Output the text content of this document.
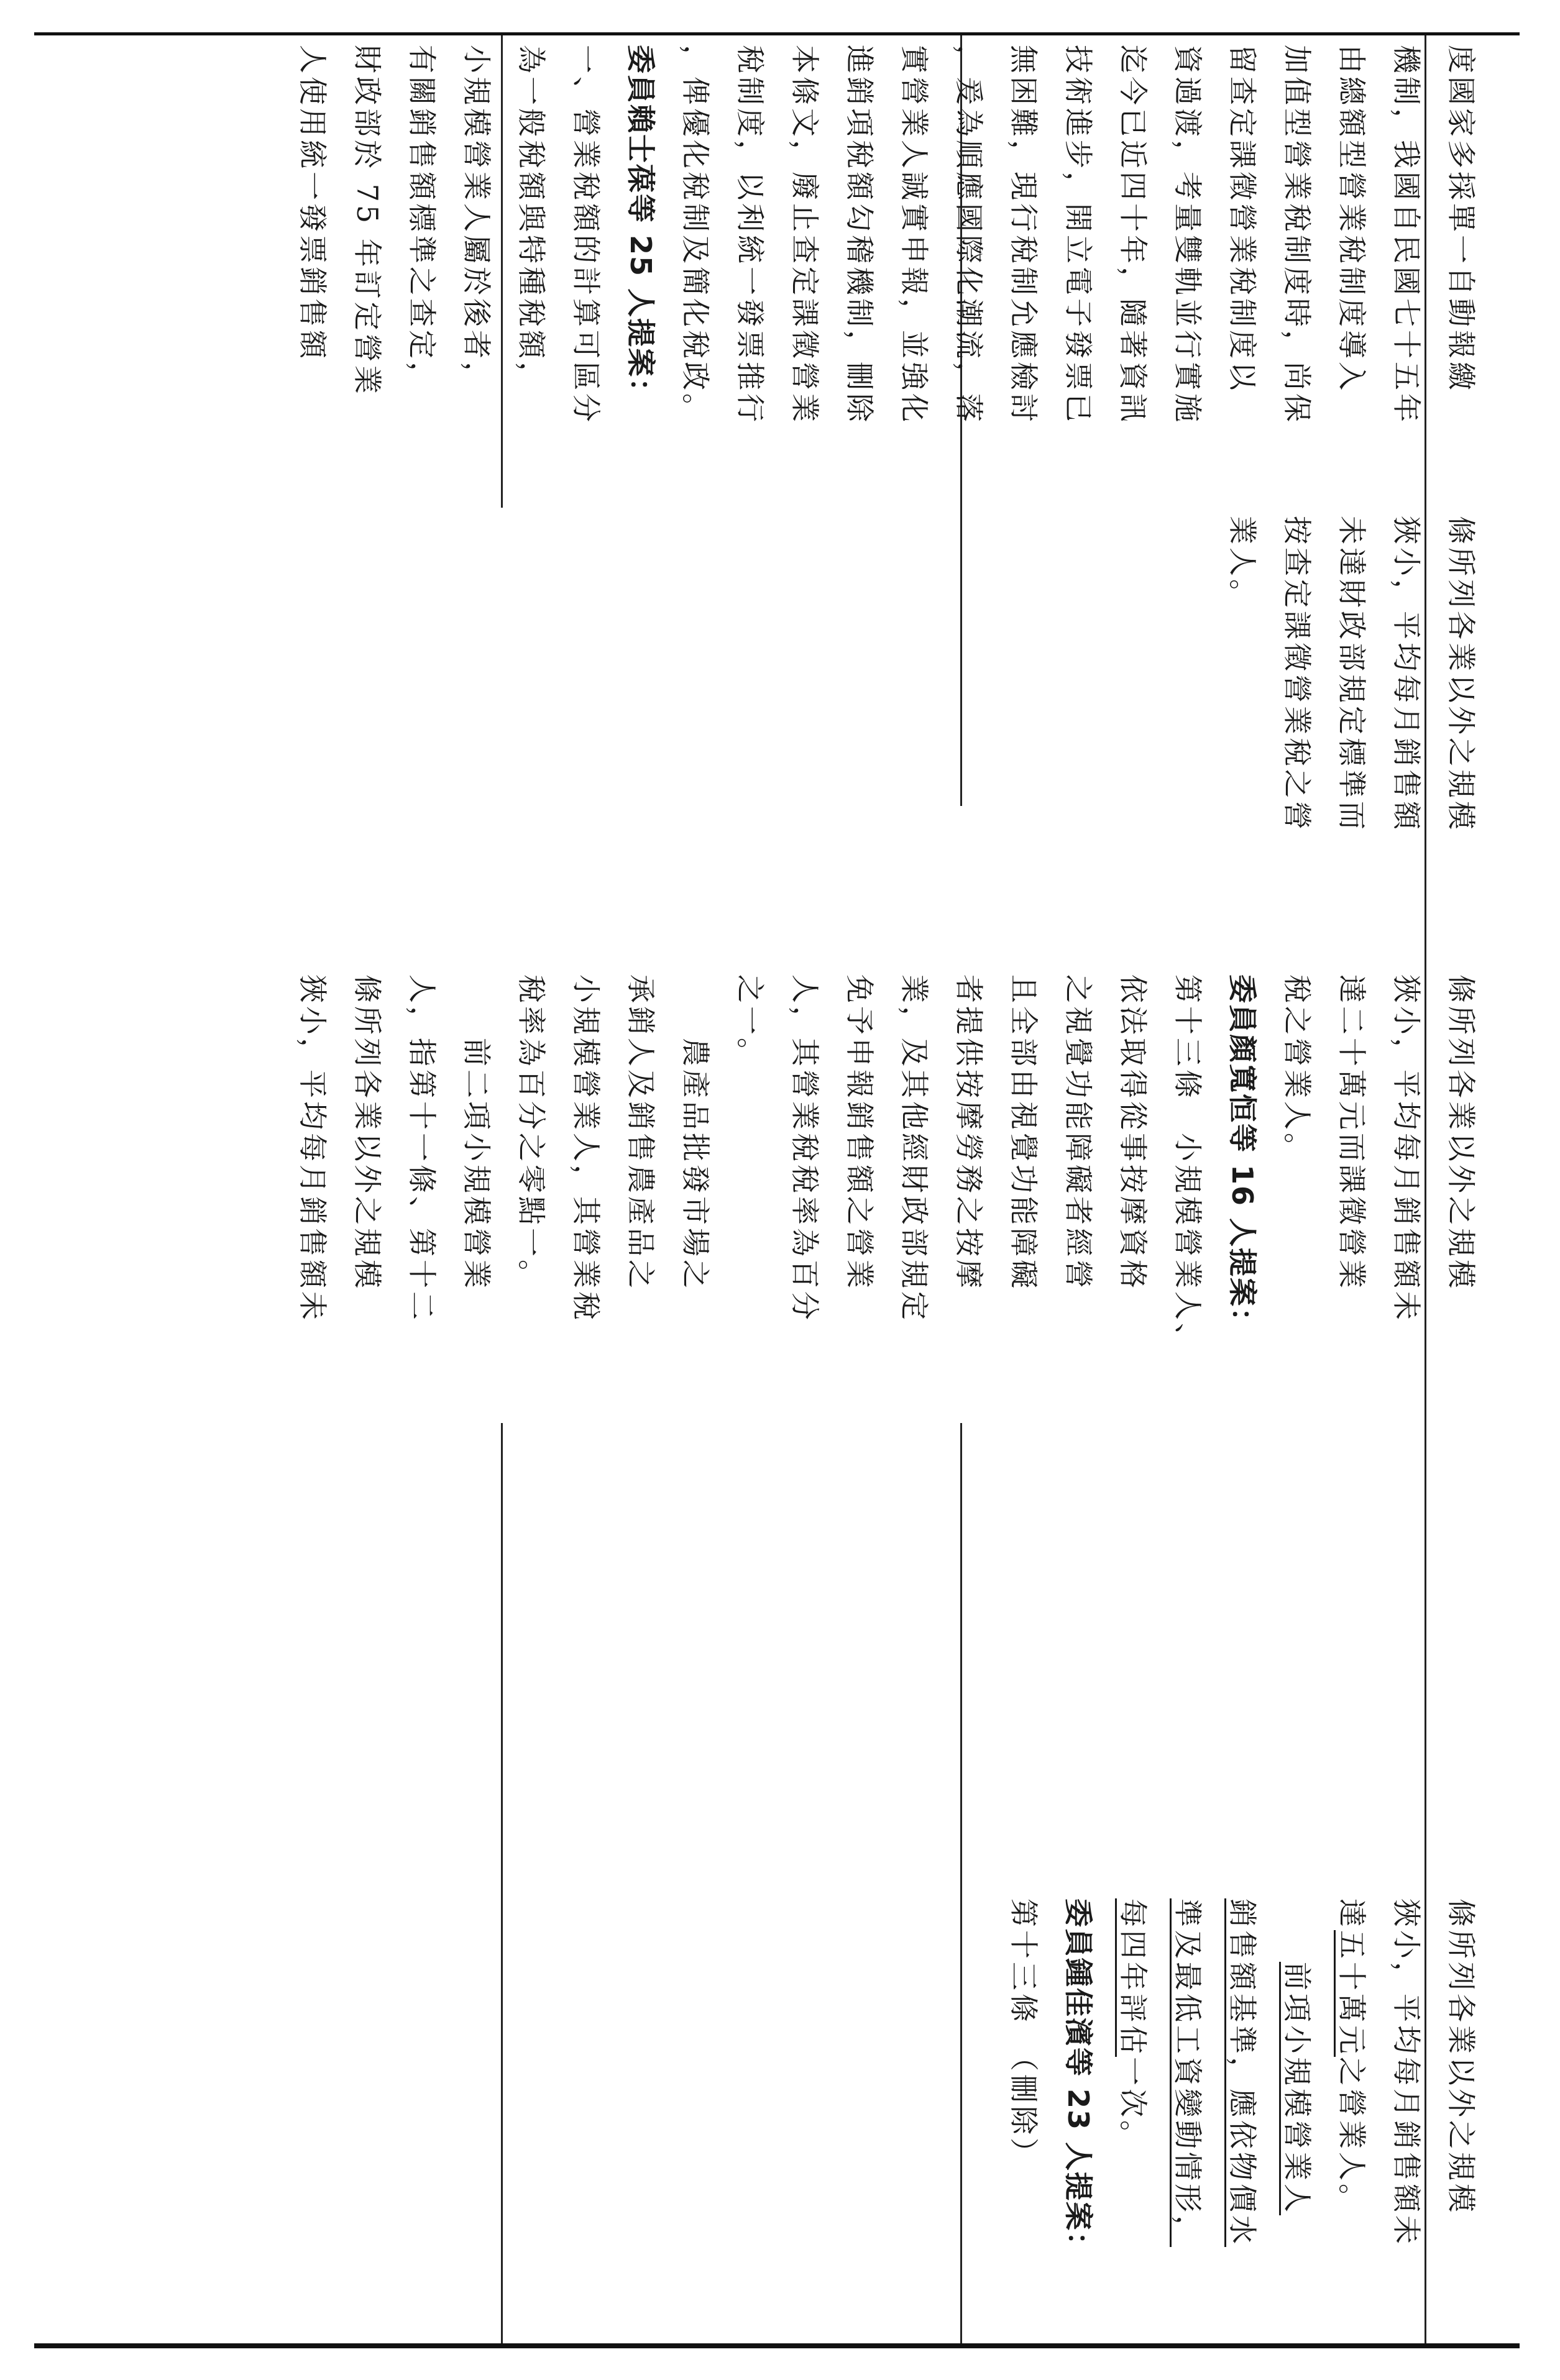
度國家多採單一自動報繳
機制，我國自民國七十五年
由總額型營業稅制度導入
加值型營業稅制度時，尚保
留查定課徵營業稅制度以
資過渡，考量雙軌並行實施
迄今已近四十年，隨著資訊
技術進步，開立電子發票已
無困難，現行稅制允應檢討
，爰為順應國際化潮流，落
實營業人誠實申報，並強化
進銷項稅額勾稽機制，刪除
本條文，廢止查定課徵營業
稅制度，以利統一發票推行
，俾優化稅制及簡化稅政。
委員賴士葆等 25 人提案：
一、營業稅額的計算可區分
為一般稅額與特種稅額，
小規模營業人屬於後者，
有關銷售額標準之查定，
財政部於 75 年訂定營業
人使用統一發票銷售額
條所列各業以外之規模
狹小，平均每月銷售額
未達財政部規定標準而
按查定課徵營業稅之營
業人。
條所列各業以外之規模
狹小，平均每月銷售額未
達二十萬元而課徵營業
稅之營業人。
委員顏寬恒等 16 人提案：
第十三條　小規模營業人、
依法取得從事按摩資格
之視覺功能障礙者經營
且全部由視覺功能障礙
者提供按摩勞務之按摩
業，及其他經財政部規定
免予申報銷售額之營業
人，其營業稅稅率為百分
之一。
　　農產品批發市場之
承銷人及銷售農產品之
小規模營業人，其營業稅
稅率為百分之零點一。
　　前二項小規模營業
人，指第十一條、第十二
條所列各業以外之規模
狹小，平均每月銷售額未
條所列各業以外之規模
狹小，平均每月銷售額未
達五十萬元之營業人。
　　前項小規模營業人
銷售額基準，應依物價水
準及最低工資變動情形，
每四年評估一次。
委員鍾佳濱等 23 人提案：
第十三條　（刪除）
